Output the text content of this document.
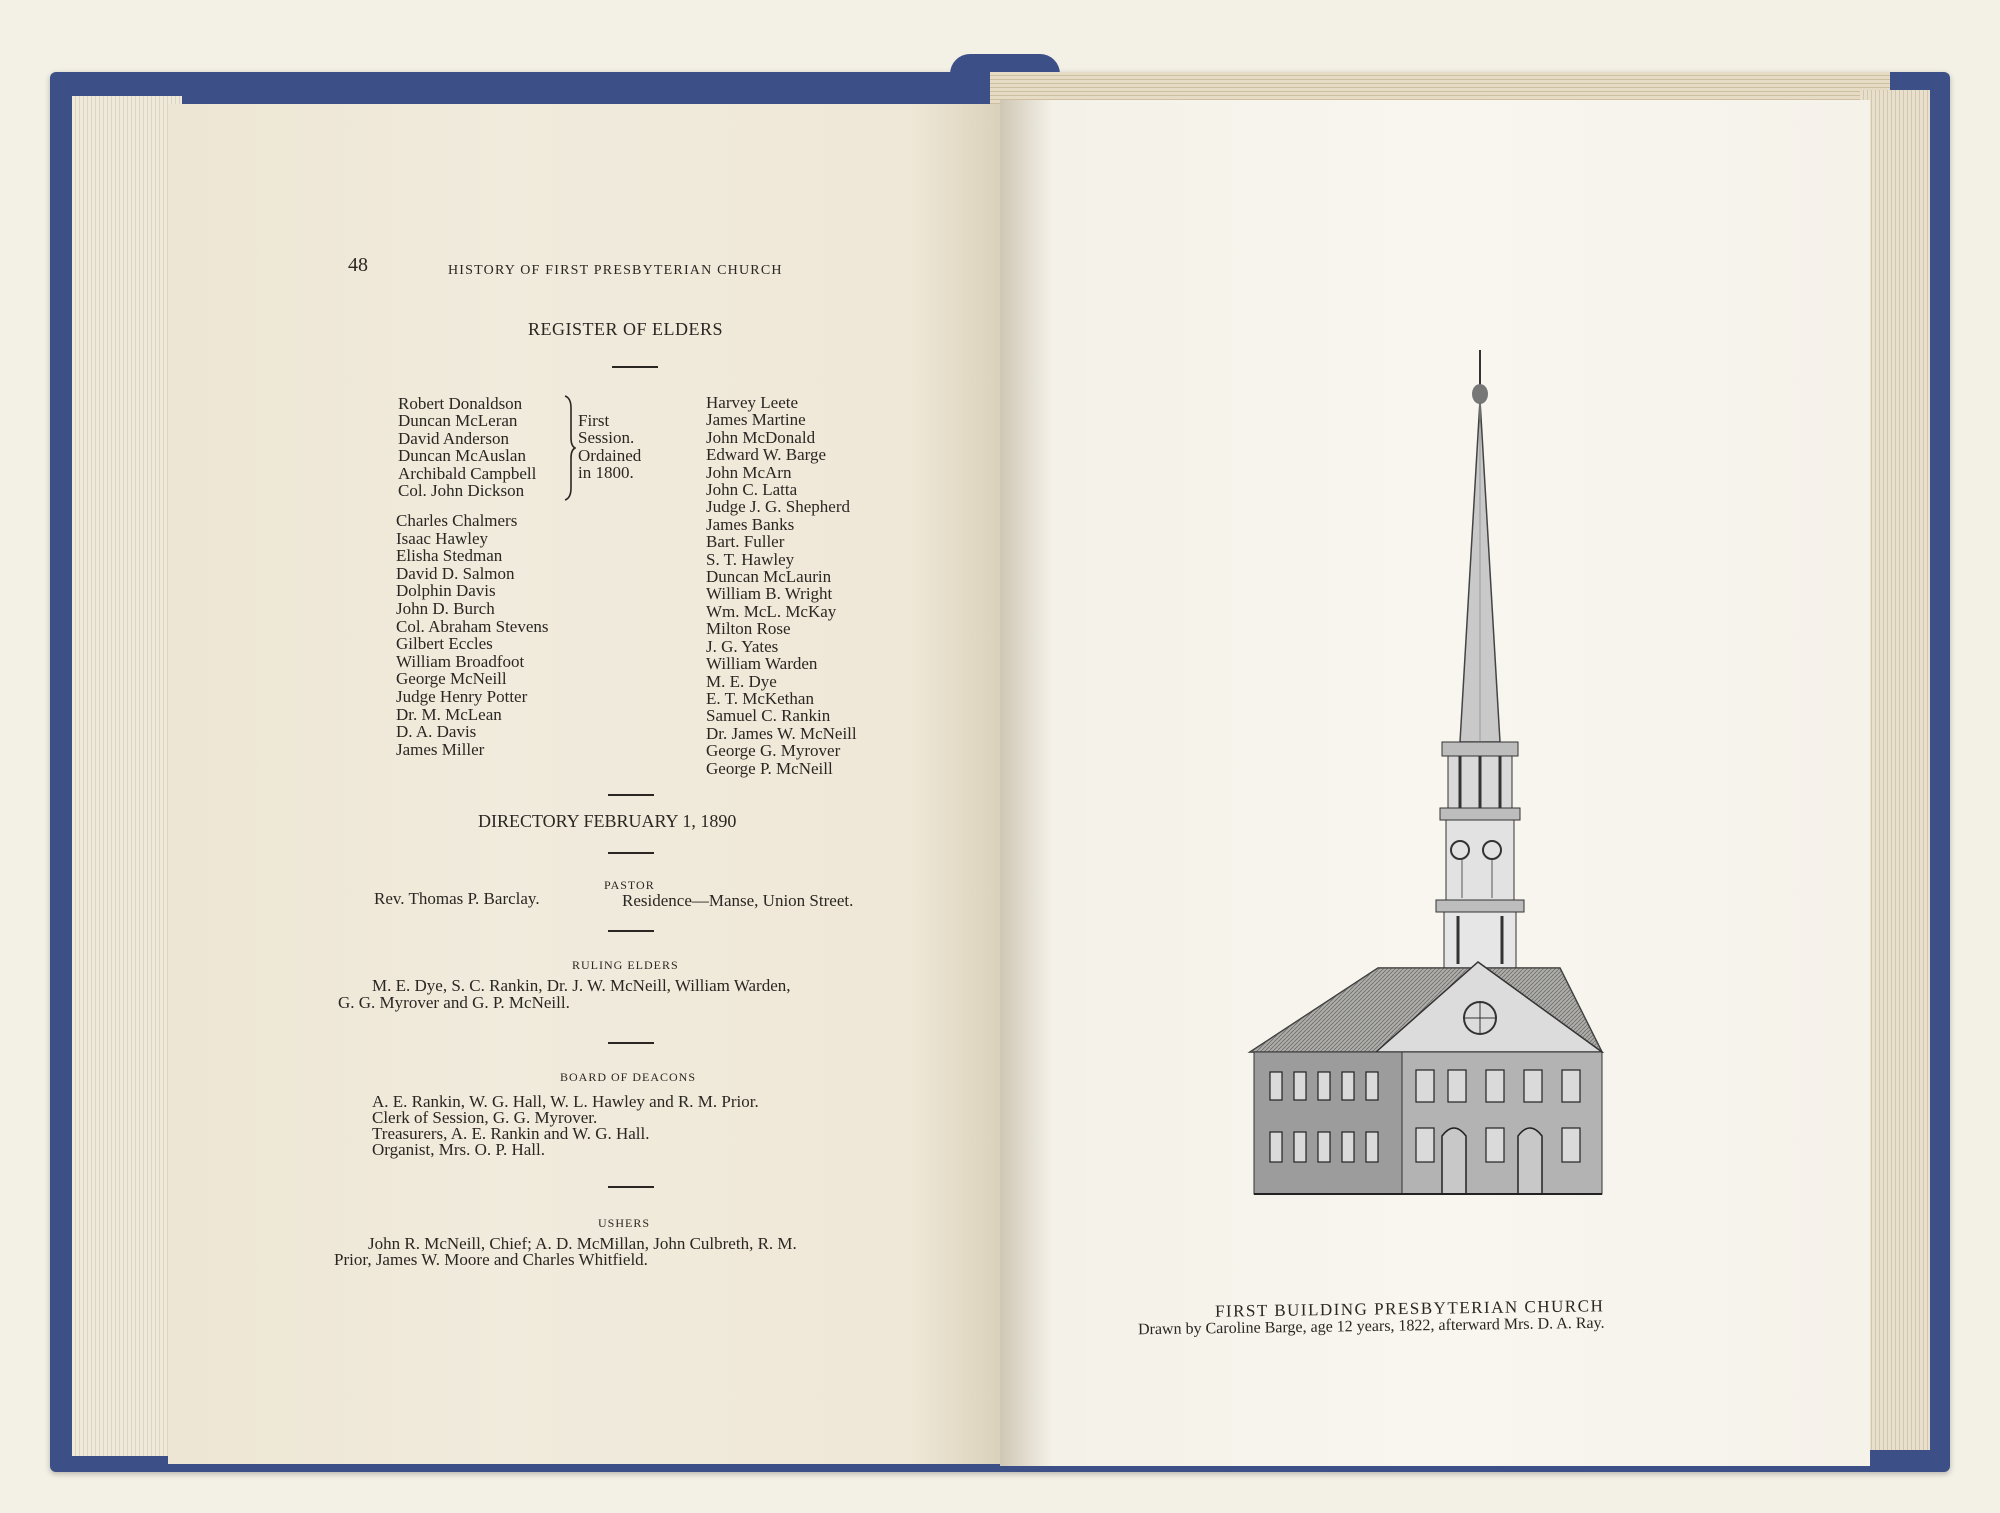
48	HISTORY OF FIRST PRESBYTERIAN CHURCH
REGISTER OF ELDERS
Robert Donaldson
Duncan McLeran
David Anderson
Duncan McAuslan
Archibald Campbell
Col. John Dickson
First
Session.
Ordained
in 1800.
Charles Chalmers
Isaac Hawley
Elisha Stedman
David D. Salmon
Dolphin Davis
John D. Burch
Col. Abraham Stevens
Gilbert Eccles
William Broadfoot
George McNeill
Judge Henry Potter
Dr. M. McLean
D. A. Davis
James Miller
Harvey Leete
James Martine
John McDonald
Edward W. Barge
John McArn
John C. Latta
Judge J. G. Shepherd
James Banks
Bart. Fuller
S. T. Hawley
Duncan McLaurin
William B. Wright
Wm. McL. McKay
Milton Rose
J. G. Yates
William Warden
M. E. Dye
E. T. McKethan
Samuel C. Rankin
Dr. James W. McNeill
George G. Myrover
George P. McNeill
DIRECTORY FEBRUARY 1, 1890
PASTOR
Rev. Thomas P. Barclay.	Residence—Manse, Union Street.
RULING ELDERS
M. E. Dye, S. C. Rankin, Dr. J. W. McNeill, William Warden,
G. G. Myrover and G. P. McNeill.
BOARD OF DEACONS
A. E. Rankin, W. G. Hall, W. L. Hawley and R. M. Prior.
Clerk of Session, G. G. Myrover.
Treasurers, A. E. Rankin and W. G. Hall.
Organist, Mrs. O. P. Hall.
USHERS
John R. McNeill, Chief; A. D. McMillan, John Culbreth, R. M.
Prior, James W. Moore and Charles Whitfield.
FIRST BUILDING PRESBYTERIAN CHURCH
Drawn by Caroline Barge, age 12 years, 1822, afterward Mrs. D. A. Ray.
